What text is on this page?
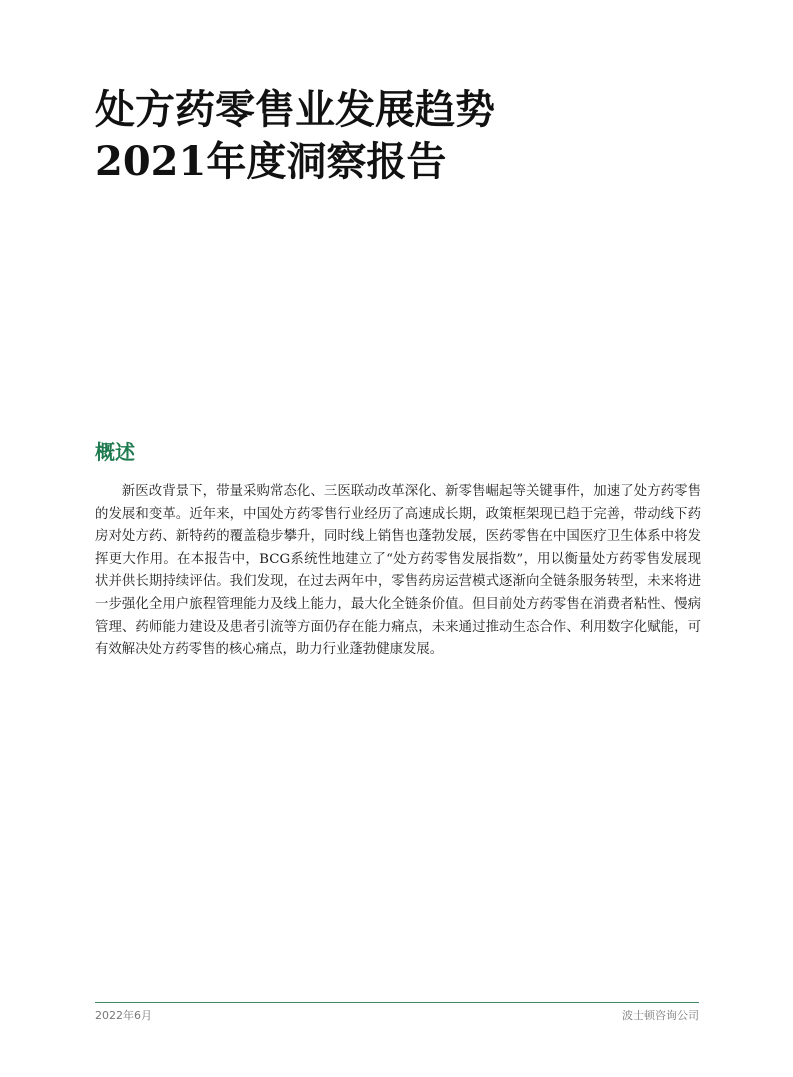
处方药零售业发展趋势
2021年度洞察报告
概述

新医改背景下，带量采购常态化、三医联动改革深化、新零售崛起等关键事件，加速了处方药零售的发展和变革。近年来，中国处方药零售行业经历了高速成长期，政策框架现已趋于完善，带动线下药房对处方药、新特药的覆盖稳步攀升，同时线上销售也蓬勃发展，医药零售在中国医疗卫生体系中将发挥更大作用。在本报告中，BCG系统性地建立了“处方药零售发展指数”，用以衡量处方药零售发展现状并供长期持续评估。我们发现，在过去两年中，零售药房运营模式逐渐向全链条服务转型，未来将进一步强化全用户旅程管理能力及线上能力，最大化全链条价值。但目前处方药零售在消费者粘性、慢病管理、药师能力建设及患者引流等方面仍存在能力痛点，未来通过推动生态合作、利用数字化赋能，可有效解决处方药零售的核心痛点，助力行业蓬勃健康发展。

2022年6月	波士顿咨询公司
